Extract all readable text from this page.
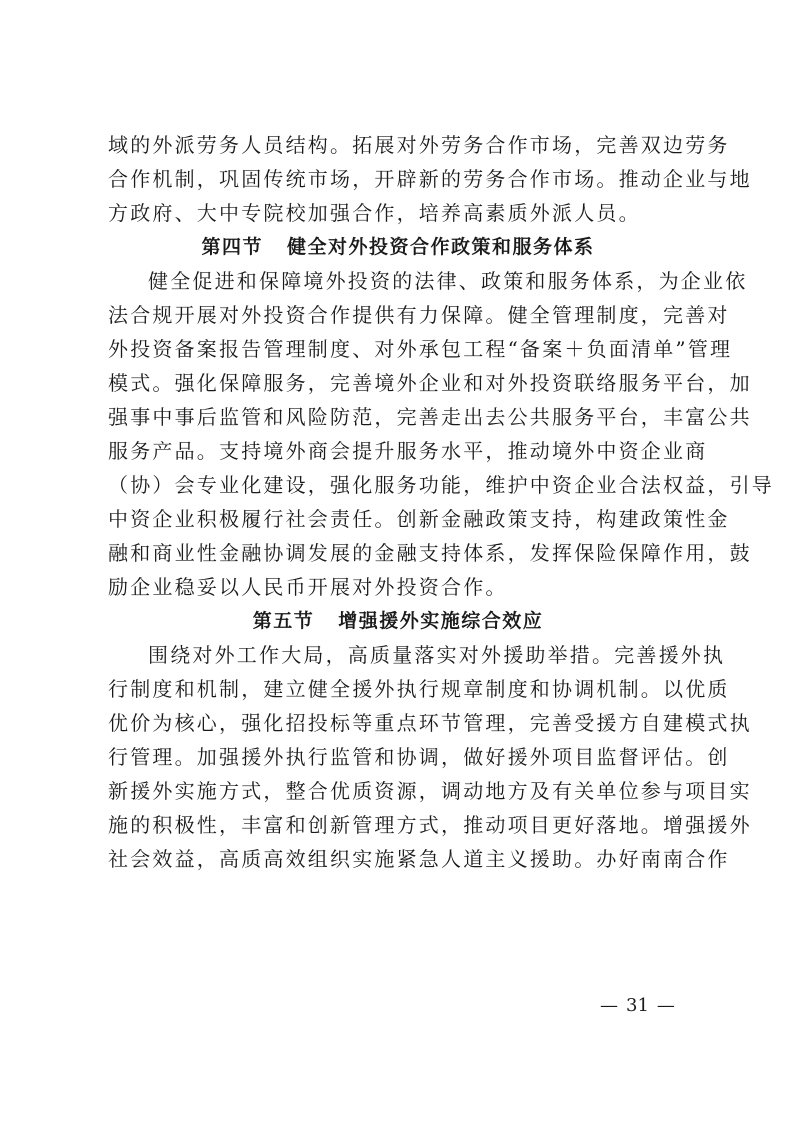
域的外派劳务人员结构。拓展对外劳务合作市场，完善双边劳务
合作机制，巩固传统市场，开辟新的劳务合作市场。推动企业与地
方政府、大中专院校加强合作，培养高素质外派人员。
第四节 健全对外投资合作政策和服务体系
健全促进和保障境外投资的法律、政策和服务体系，为企业依
法合规开展对外投资合作提供有力保障。健全管理制度，完善对
外投资备案报告管理制度、对外承包工程“备案＋负面清单”管理
模式。强化保障服务，完善境外企业和对外投资联络服务平台，加
强事中事后监管和风险防范，完善走出去公共服务平台，丰富公共
服务产品。支持境外商会提升服务水平，推动境外中资企业商
（协）会专业化建设，强化服务功能，维护中资企业合法权益，引导
中资企业积极履行社会责任。创新金融政策支持，构建政策性金
融和商业性金融协调发展的金融支持体系，发挥保险保障作用，鼓
励企业稳妥以人民币开展对外投资合作。
第五节 增强援外实施综合效应
围绕对外工作大局，高质量落实对外援助举措。完善援外执
行制度和机制，建立健全援外执行规章制度和协调机制。以优质
优价为核心，强化招投标等重点环节管理，完善受援方自建模式执
行管理。加强援外执行监管和协调，做好援外项目监督评估。创
新援外实施方式，整合优质资源，调动地方及有关单位参与项目实
施的积极性，丰富和创新管理方式，推动项目更好落地。增强援外
社会效益，高质高效组织实施紧急人道主义援助。办好南南合作
— 31 —
